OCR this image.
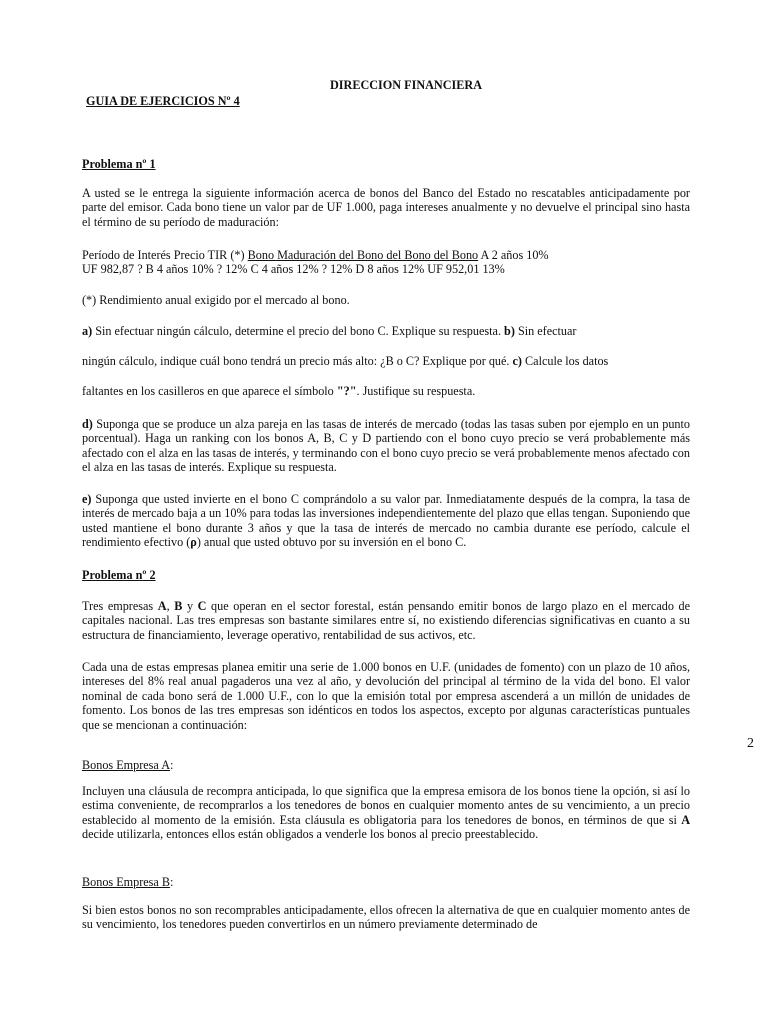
DIRECCION FINANCIERA
GUIA DE EJERCICIOS Nº 4
Problema nº 1

A usted se le entrega la siguiente información acerca de bonos del Banco del Estado no rescatables anticipadamente por parte del emisor. Cada bono tiene un valor par de UF 1.000, paga intereses anualmente y no devuelve el principal sino hasta el término de su período de maduración:

Período de Interés Precio TIR (*) Bono Maduración del Bono del Bono del Bono A 2 años 10%
UF 982,87 ? B 4 años 10% ? 12% C 4 años 12% ? 12% D 8 años 12% UF 952,01 13%

(*) Rendimiento anual exigido por el mercado al bono.

a) Sin efectuar ningún cálculo, determine el precio del bono C. Explique su respuesta. b) Sin efectuar
ningún cálculo, indique cuál bono tendrá un precio más alto: ¿B o C? Explique por qué. c) Calcule los datos
faltantes en los casilleros en que aparece el símbolo "?". Justifique su respuesta.

d) Suponga que se produce un alza pareja en las tasas de interés de mercado (todas las tasas suben por ejemplo en un punto porcentual). Haga un ranking con los bonos A, B, C y D partiendo con el bono cuyo precio se verá probablemente más afectado con el alza en las tasas de interés, y terminando con el bono cuyo precio se verá probablemente menos afectado con el alza en las tasas de interés. Explique su respuesta.

e) Suponga que usted invierte en el bono C comprándolo a su valor par. Inmediatamente después de la compra, la tasa de interés de mercado baja a un 10% para todas las inversiones independientemente del plazo que ellas tengan. Suponiendo que usted mantiene el bono durante 3 años y que la tasa de interés de mercado no cambia durante ese período, calcule el rendimiento efectivo (ρ) anual que usted obtuvo por su inversión en el bono C.

Problema nº 2

Tres empresas A, B y C que operan en el sector forestal, están pensando emitir bonos de largo plazo en el mercado de capitales nacional. Las tres empresas son bastante similares entre sí, no existiendo diferencias significativas en cuanto a su estructura de financiamiento, leverage operativo, rentabilidad de sus activos, etc.

Cada una de estas empresas planea emitir una serie de 1.000 bonos en U.F. (unidades de fomento) con un plazo de 10 años, intereses del 8% real anual pagaderos una vez al año, y devolución del principal al término de la vida del bono. El valor nominal de cada bono será de 1.000 U.F., con lo que la emisión total por empresa ascenderá a un millón de unidades de fomento. Los bonos de las tres empresas son idénticos en todos los aspectos, excepto por algunas características puntuales que se mencionan a continuación:

Bonos Empresa A:

Incluyen una cláusula de recompra anticipada, lo que significa que la empresa emisora de los bonos tiene la opción, si así lo estima conveniente, de recomprarlos a los tenedores de bonos en cualquier momento antes de su vencimiento, a un precio establecido al momento de la emisión. Esta cláusula es obligatoria para los tenedores de bonos, en términos de que si A decide utilizarla, entonces ellos están obligados a venderle los bonos al precio preestablecido.

Bonos Empresa B:

Si bien estos bonos no son recomprables anticipadamente, ellos ofrecen la alternativa de que en cualquier momento antes de su vencimiento, los tenedores pueden convertirlos en un número previamente determinado de

2
